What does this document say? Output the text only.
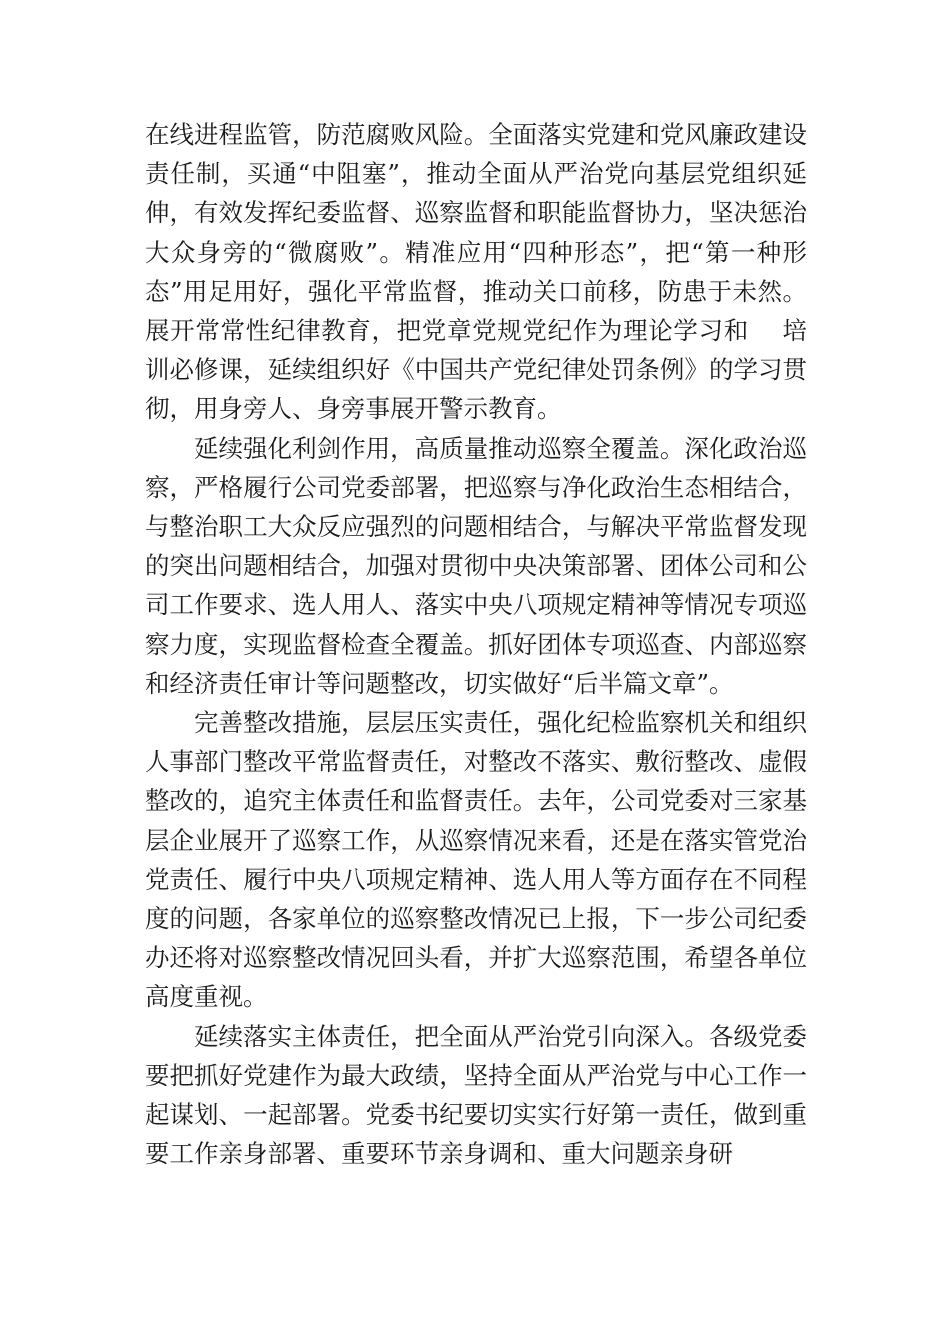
在线进程监管，防范腐败风险。全面落实党建和党风廉政建设责任制，买通“中阻塞”，推动全面从严治党向基层党组织延伸，有效发挥纪委监督、巡察监督和职能监督协力，坚决惩治大众身旁的“微腐败”。精准应用“四种形态”，把“第一种形态”用足用好，强化平常监督，推动关口前移，防患于未然。展开常常性纪律教育，把党章党规党纪作为理论学习和　 培训必修课，延续组织好《中国共产党纪律处罚条例》的学习贯彻，用身旁人、身旁事展开警示教育。

延续强化利剑作用，高质量推动巡察全覆盖。深化政治巡察，严格履行公司党委部署，把巡察与净化政治生态相结合，与整治职工大众反应强烈的问题相结合，与解决平常监督发现的突出问题相结合，加强对贯彻中央决策部署、团体公司和公司工作要求、选人用人、落实中央八项规定精神等情况专项巡察力度，实现监督检查全覆盖。抓好团体专项巡查、内部巡察和经济责任审计等问题整改，切实做好“后半篇文章”。

完善整改措施，层层压实责任，强化纪检监察机关和组织人事部门整改平常监督责任，对整改不落实、敷衍整改、虚假整改的，追究主体责任和监督责任。去年，公司党委对三家基层企业展开了巡察工作，从巡察情况来看，还是在落实管党治党责任、履行中央八项规定精神、选人用人等方面存在不同程度的问题，各家单位的巡察整改情况已上报，下一步公司纪委办还将对巡察整改情况回头看，并扩大巡察范围，希望各单位高度重视。

延续落实主体责任，把全面从严治党引向深入。各级党委要把抓好党建作为最大政绩，坚持全面从严治党与中心工作一起谋划、一起部署。党委书纪要切实实行好第一责任，做到重要工作亲身部署、重要环节亲身调和、重大问题亲身研
